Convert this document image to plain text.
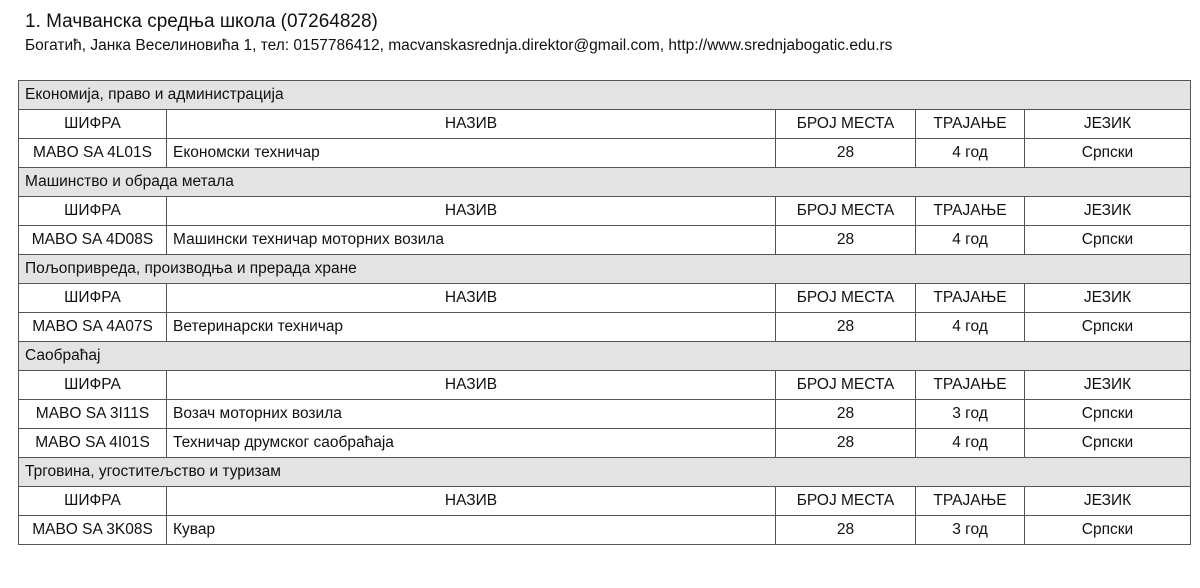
1. Мачванска средња школа (07264828)
Богатић, Јанка Веселиновића 1, тел: 0157786412, macvanskasrednja.direktor@gmail.com, http://www.srednjabogatic.edu.rs
Економија, право и администрација				
ШИФРА	НАЗИВ	БРОЈ МЕСТА	ТРАЈАЊЕ	ЈЕЗИК
MABO SA 4L01S	Економски техничар	28	4 год	Српски
Машинство и обрада метала				
ШИФРА	НАЗИВ	БРОЈ МЕСТА	ТРАЈАЊЕ	ЈЕЗИК
MABO SA 4D08S	Машински техничар моторних возила	28	4 год	Српски
Пољопривреда, производња и прерада хране				
ШИФРА	НАЗИВ	БРОЈ МЕСТА	ТРАЈАЊЕ	ЈЕЗИК
MABO SA 4A07S	Ветеринарски техничар	28	4 год	Српски
Саобраћај				
ШИФРА	НАЗИВ	БРОЈ МЕСТА	ТРАЈАЊЕ	ЈЕЗИК
MABO SA 3I11S	Возач моторних возила	28	3 год	Српски
MABO SA 4I01S	Техничар друмског саобраћаја	28	4 год	Српски
Трговина, угоститељство и туризам				
ШИФРА	НАЗИВ	БРОЈ МЕСТА	ТРАЈАЊЕ	ЈЕЗИК
MABO SA 3K08S	Кувар	28	3 год	Српски
